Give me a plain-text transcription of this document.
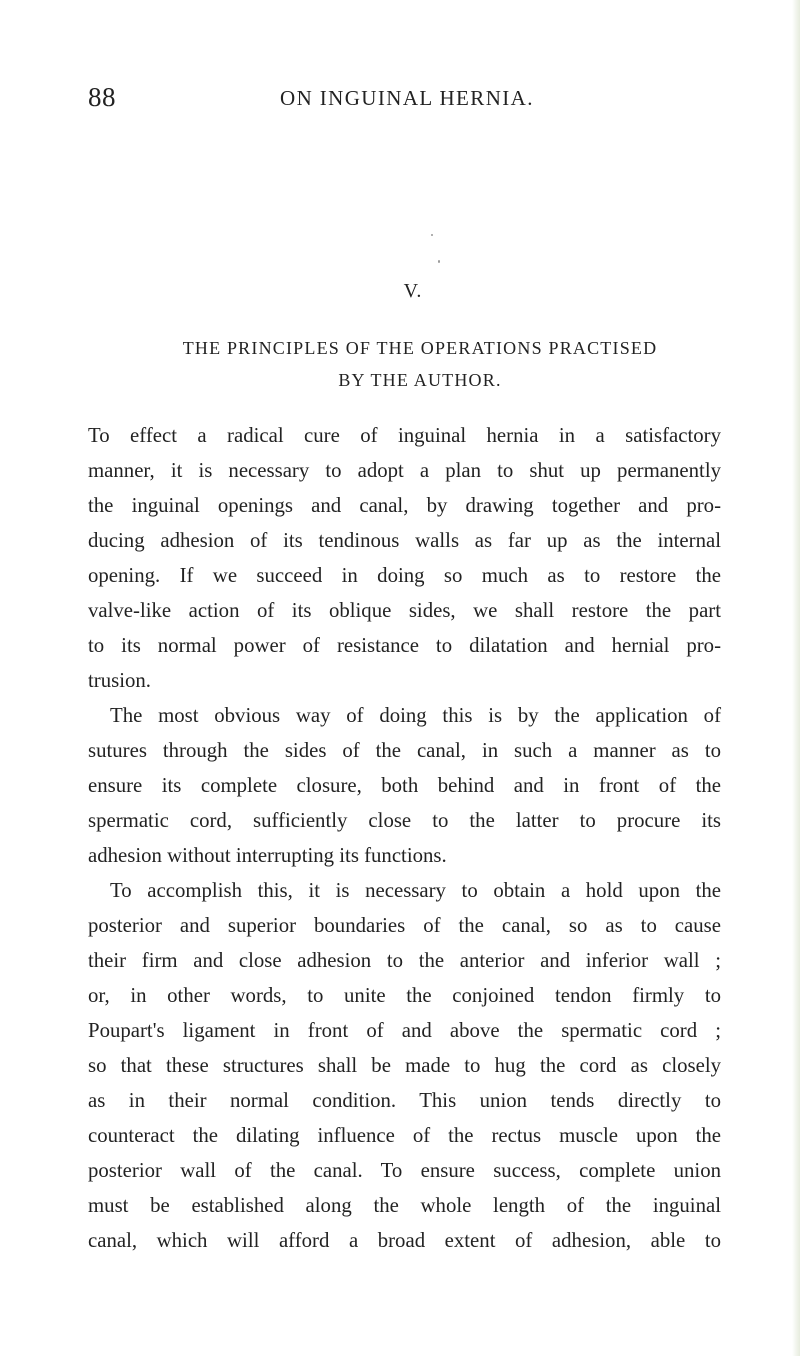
88	ON INGUINAL HERNIA.
V.
THE PRINCIPLES OF THE OPERATIONS PRACTISED
BY THE AUTHOR.
To effect a radical cure of inguinal hernia in a satisfactory
manner, it is necessary to adopt a plan to shut up permanently
the inguinal openings and canal, by drawing together and pro-
ducing adhesion of its tendinous walls as far up as the internal
opening. If we succeed in doing so much as to restore the
valve-like action of its oblique sides, we shall restore the part
to its normal power of resistance to dilatation and hernial pro-
trusion.
The most obvious way of doing this is by the application of
sutures through the sides of the canal, in such a manner as to
ensure its complete closure, both behind and in front of the
spermatic cord, sufficiently close to the latter to procure its
adhesion without interrupting its functions.
To accomplish this, it is necessary to obtain a hold upon the
posterior and superior boundaries of the canal, so as to cause
their firm and close adhesion to the anterior and inferior wall ;
or, in other words, to unite the conjoined tendon firmly to
Poupart's ligament in front of and above the spermatic cord ;
so that these structures shall be made to hug the cord as closely
as in their normal condition. This union tends directly to
counteract the dilating influence of the rectus muscle upon the
posterior wall of the canal. To ensure success, complete union
must be established along the whole length of the inguinal
canal, which will afford a broad extent of adhesion, able to
